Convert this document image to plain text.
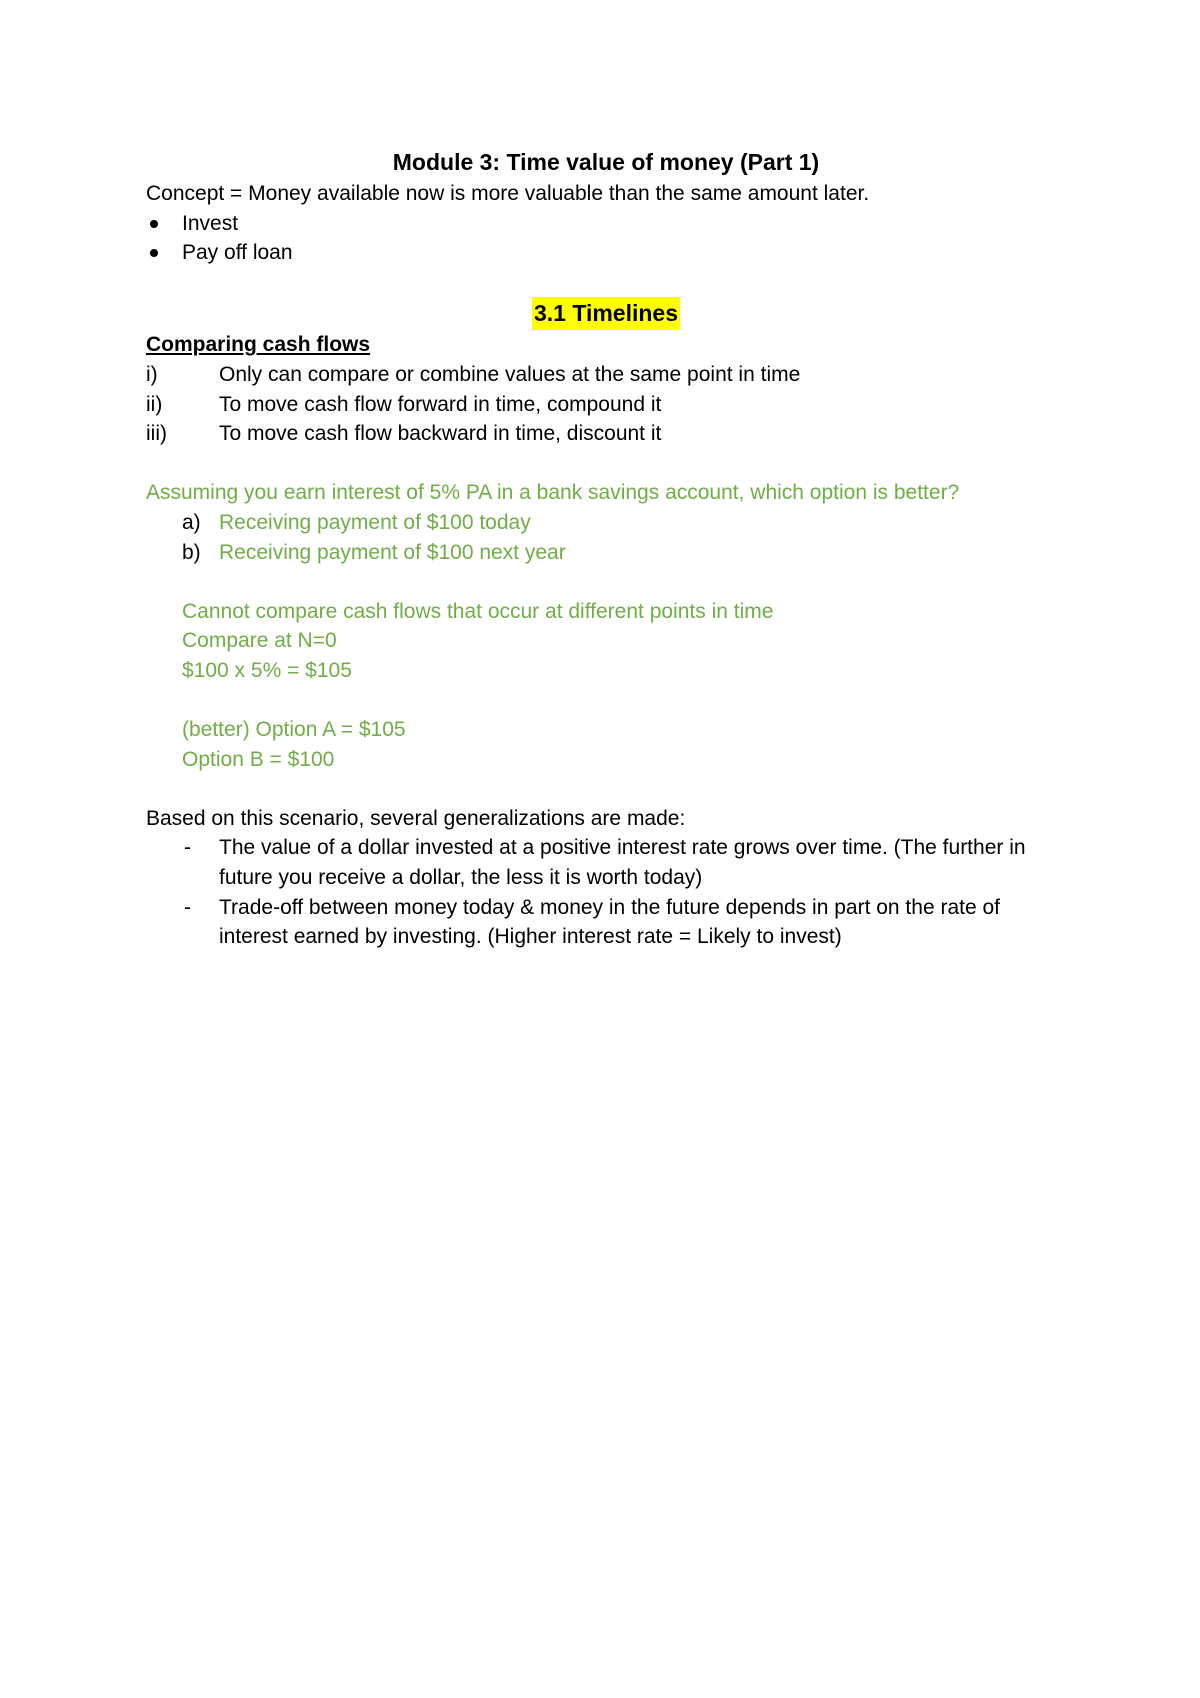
Module 3: Time value of money (Part 1)

Concept = Money available now is more valuable than the same amount later.

Invest
Pay off loan
3.1 Timelines

Comparing cash flows

i)	Only can compare or combine values at the same point in time
ii)	To move cash flow forward in time, compound it
iii) To move cash flow backward in time, discount it

Assuming you earn interest of 5% PA in a bank savings account, which option is better?

a) Receiving payment of $100 today
b) Receiving payment of $100 next year

Cannot compare cash flows that occur at different points in time

Compare at N=0

$100 x 5% = $105

(better) Option A = $105

Option B = $100

Based on this scenario, several generalizations are made:

- The value of a dollar invested at a positive interest rate grows over time. (The further in future you receive a dollar, the less it is worth today)
- Trade-off between money today & money in the future depends in part on the rate of interest earned by investing. (Higher interest rate = Likely to invest)
